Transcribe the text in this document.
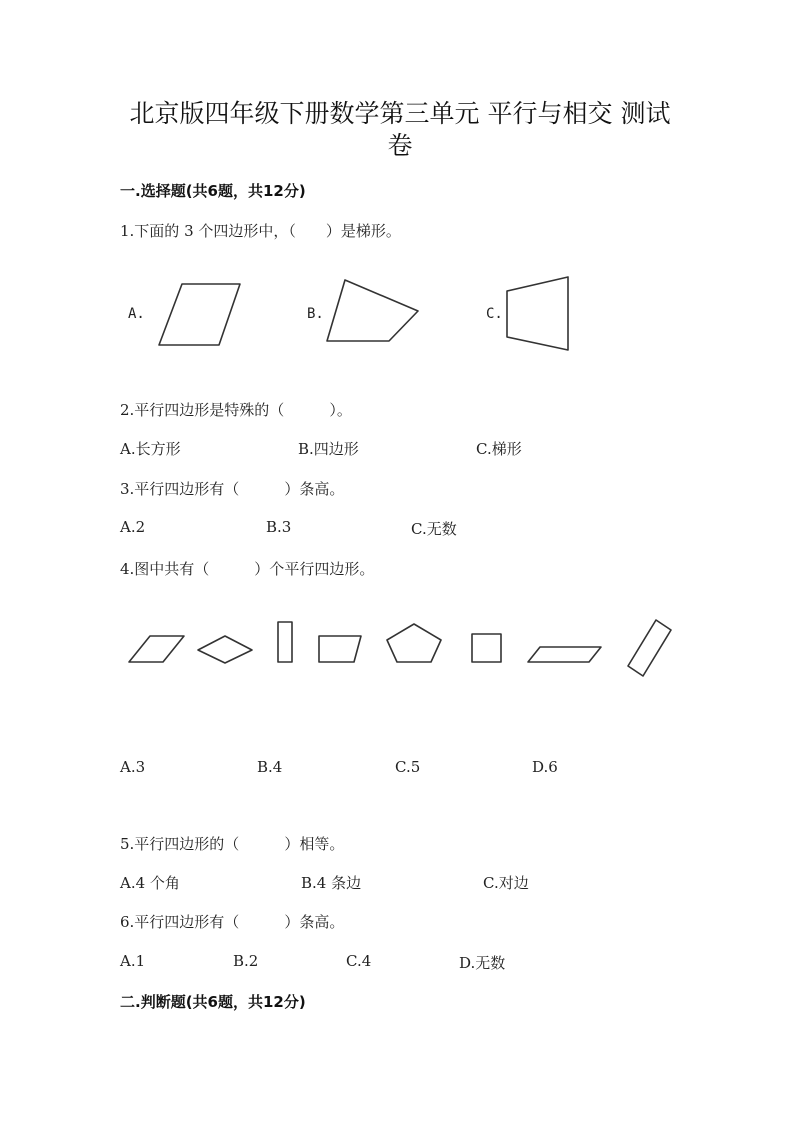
北京版四年级下册数学第三单元 平行与相交 测试
卷
一.选择题(共6题，共12分)
1.下面的 3 个四边形中，（　　）是梯形。
A.	B.	C.
2.平行四边形是特殊的（　　　）。
A.长方形	B.四边形	C.梯形
3.平行四边形有（　　　）条高。
A.2	B.3	C.无数
4.图中共有（　　　）个平行四边形。
A.3	B.4	C.5	D.6
5.平行四边形的（　　　）相等。
A.4 个角	B.4 条边	C.对边
6.平行四边形有（　　　）条高。
A.1	B.2	C.4	D.无数
二.判断题(共6题，共12分)
